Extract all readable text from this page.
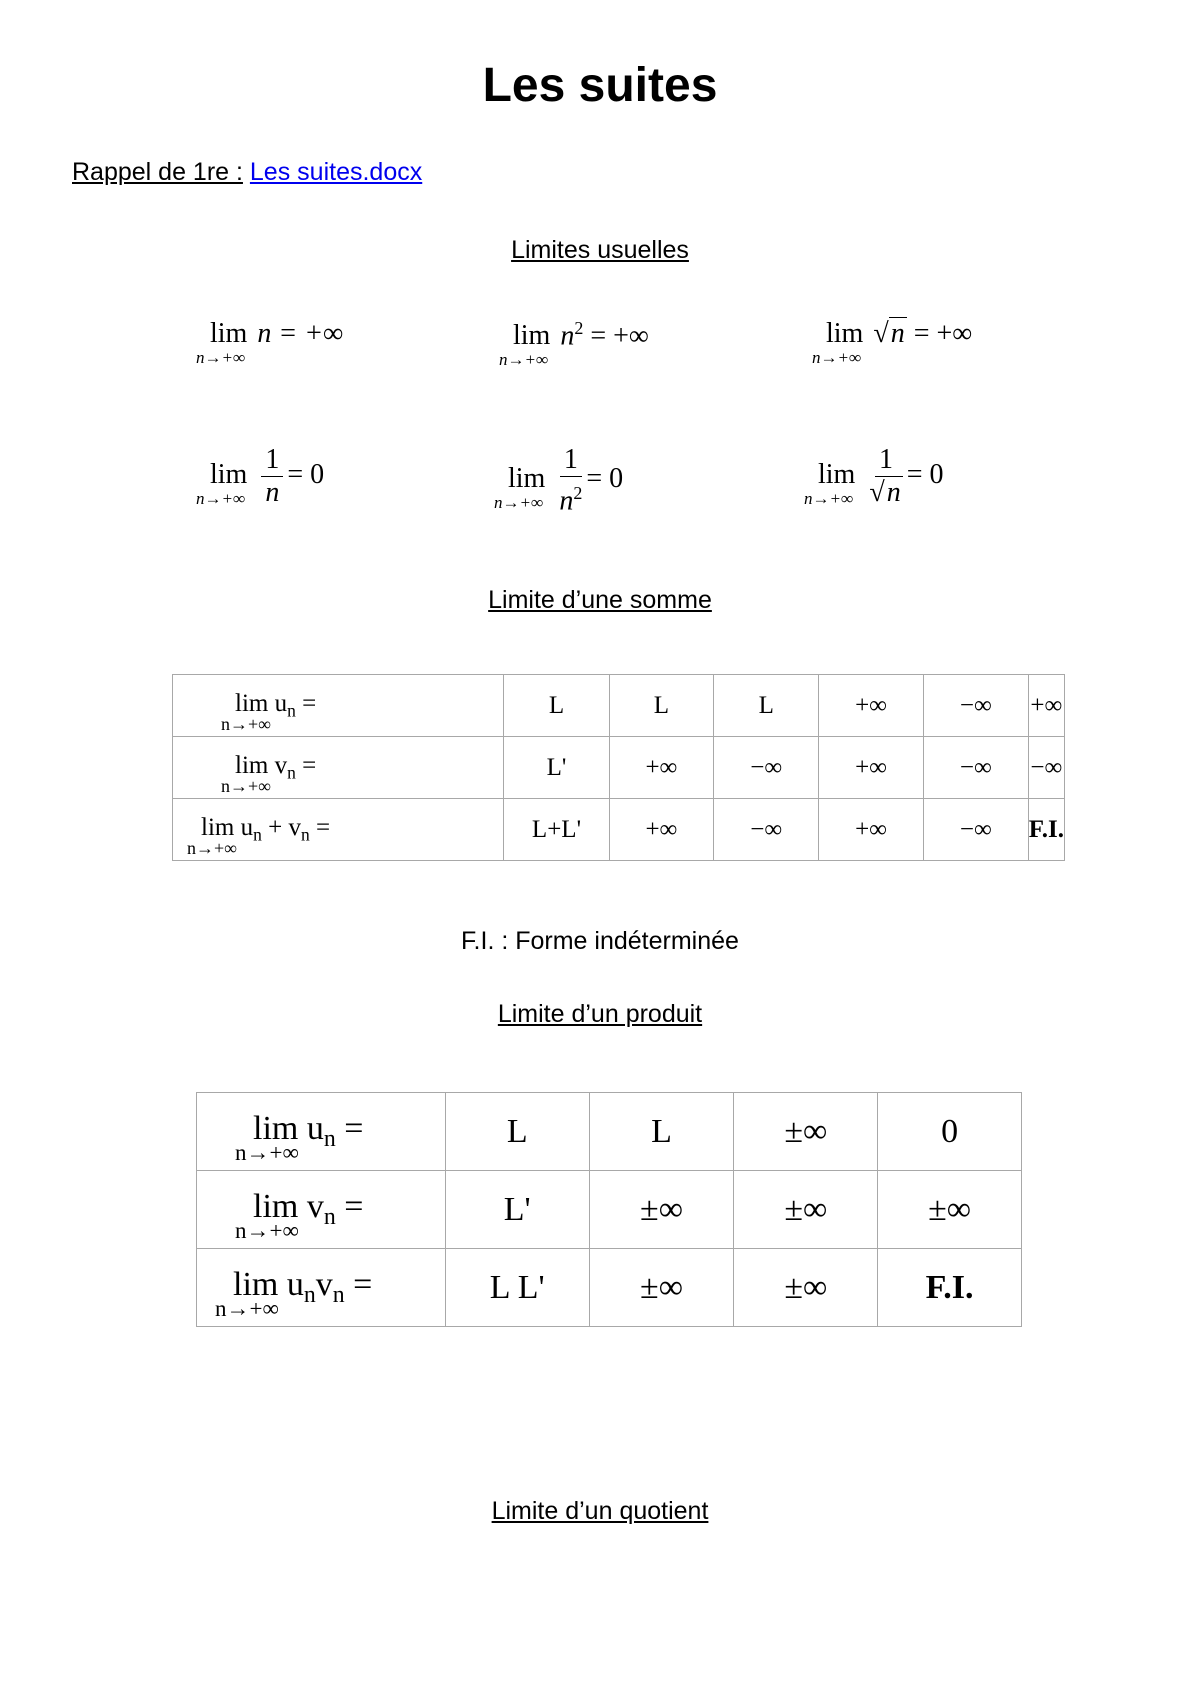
Les suites
Rappel de 1re : Les suites.docx
Limites usuelles
lim
n→+∞
n = +∞	lim
n→+∞
$n^2$ = +∞	lim
n→+∞
√n = +∞
lim
$n\to+\infty \frac{1}{n} = 0$	lim
$n\to+\infty \frac{1}{n^2} = 0$	lim
$n\to+\infty \frac{1}{√n} = 0$
Limite d’une somme
lim
n→+∞
$u_n$ =	L	L	L	+∞	−∞	+∞
lim
n→+∞
$v_n$ =	L'	+∞	−∞	+∞	−∞	−∞
lim
n→+∞
$u_n + v_n$ =	L+L'	+∞	−∞	+∞	−∞	F.I.
F.I. : Forme indéterminée
Limite d’un produit
lim
n→+∞
$u_n$ =	L	L	±∞	0
lim
n→+∞
$v_n$ =	L'	±∞	±∞	±∞
lim
n→+∞
$u_nv_n$ =	L L'	±∞	±∞	F.I.
Limite d’un quotient
